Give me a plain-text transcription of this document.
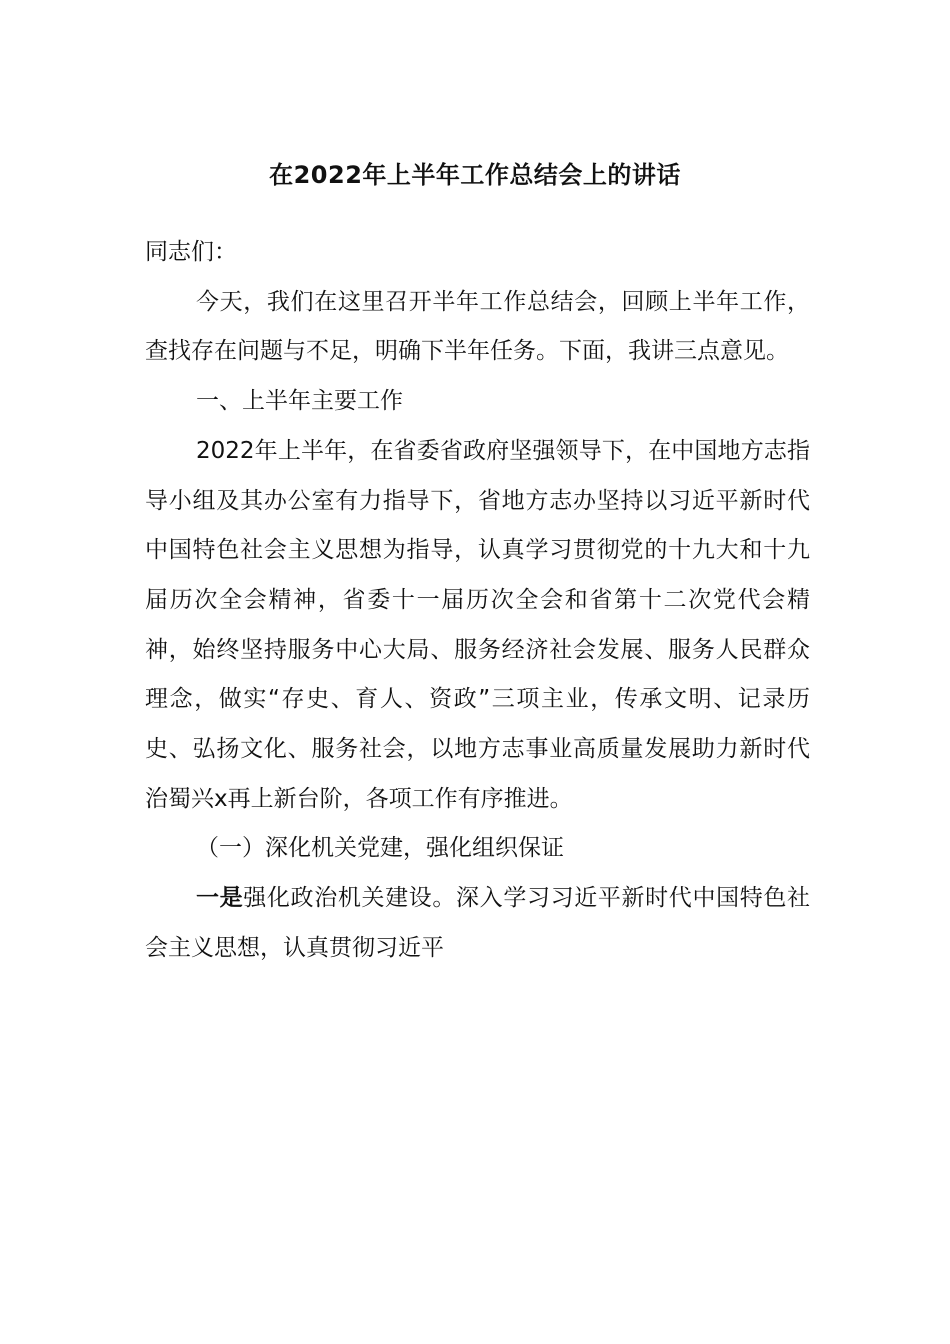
在2022年上半年工作总结会上的讲话

同志们：

今天，我们在这里召开半年工作总结会，回顾上半年工作，查找存在问题与不足，明确下半年任务。下面，我讲三点意见。

一、上半年主要工作

2022年上半年，在省委省政府坚强领导下，在中国地方志指导小组及其办公室有力指导下，省地方志办坚持以习近平新时代中国特色社会主义思想为指导，认真学习贯彻党的十九大和十九届历次全会精神，省委十一届历次全会和省第十二次党代会精神，始终坚持服务中心大局、服务经济社会发展、服务人民群众理念，做实“存史、育人、资政”三项主业，传承文明、记录历史、弘扬文化、服务社会，以地方志事业高质量发展助力新时代治蜀兴x再上新台阶，各项工作有序推进。

（一）深化机关党建，强化组织保证

一是强化政治机关建设。深入学习习近平新时代中国特色社会主义思想，认真贯彻习近平
